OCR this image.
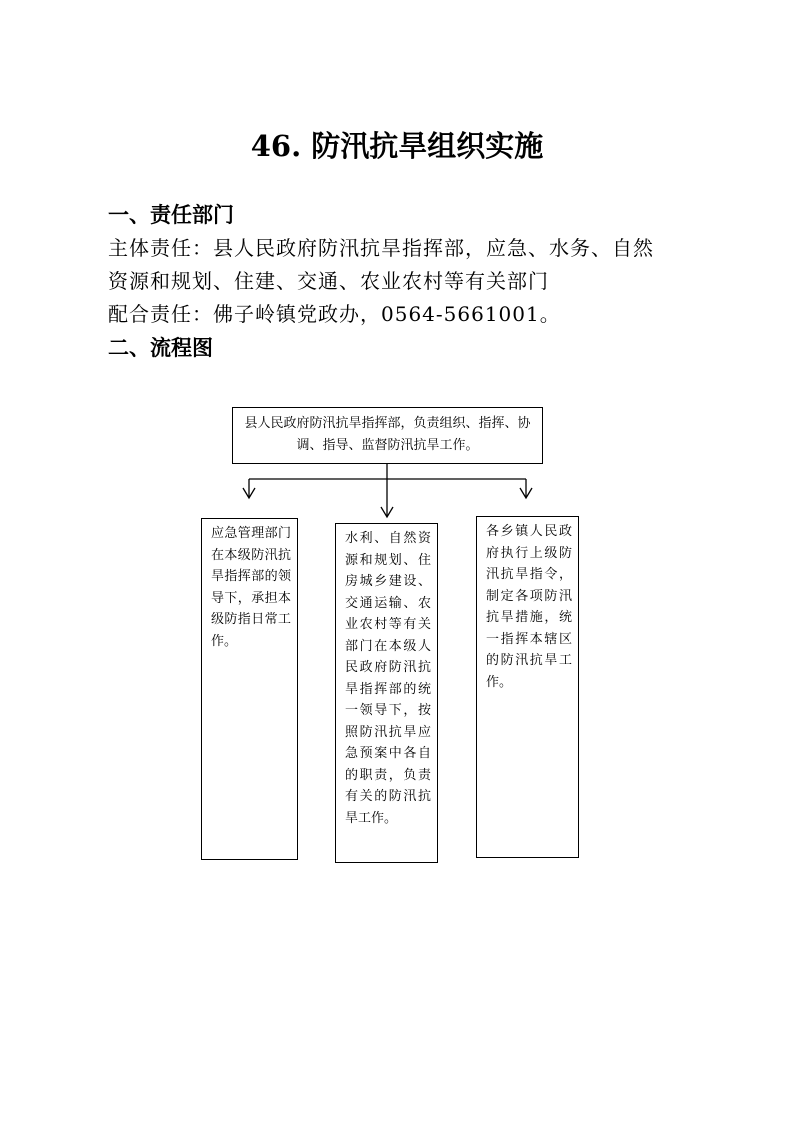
46. 防汛抗旱组织实施
一、责任部门
主体责任：县人民政府防汛抗旱指挥部，应急、水务、自然
资源和规划、住建、交通、农业农村等有关部门
配合责任：佛子岭镇党政办，0564-5661001。
二、流程图
县人民政府防汛抗旱指挥部，负责组织、指挥、协调、指导、监督防汛抗旱工作。
应急管理部门在本级防汛抗旱指挥部的领导下，承担本级防指日常工作。
水利、自然资源和规划、住房城乡建设、交通运输、农业农村等有关部门在本级人民政府防汛抗旱指挥部的统一领导下，按照防汛抗旱应急预案中各自的职责，负责有关的防汛抗旱工作。
各乡镇人民政府执行上级防汛抗旱指令，制定各项防汛抗旱措施，统一指挥本辖区的防汛抗旱工作。
